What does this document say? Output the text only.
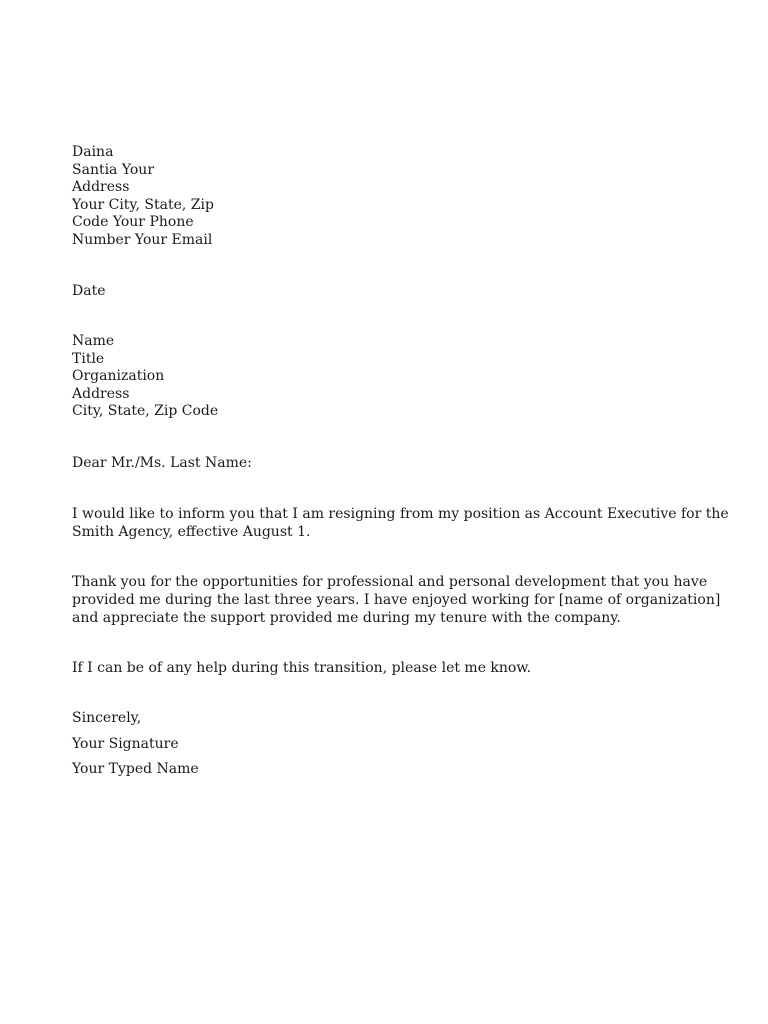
Daina
Santia Your
Address
Your City, State, Zip
Code Your Phone
Number Your Email
Date
Name
Title
Organization
Address
City, State, Zip Code
Dear Mr./Ms. Last Name:
I would like to inform you that I am resigning from my position as Account Executive for the
Smith Agency, effective August 1.
Thank you for the opportunities for professional and personal development that you have
provided me during the last three years. I have enjoyed working for [name of organization]
and appreciate the support provided me during my tenure with the company.
If I can be of any help during this transition, please let me know.
Sincerely,
Your Signature
Your Typed Name
